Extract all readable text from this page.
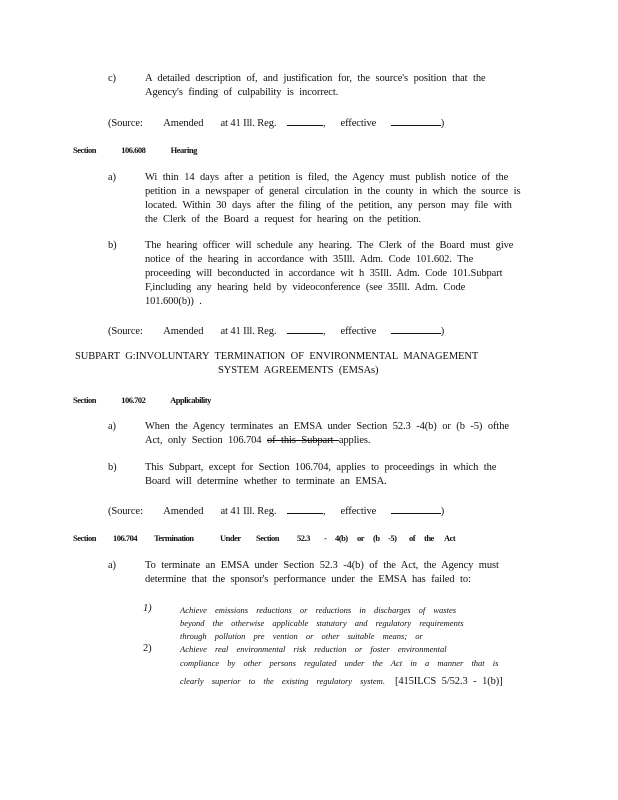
c)	A detailed description of, and justification for, the source's position that the
Agency's finding of culpability is incorrect.
(Source: Amended at 41 Ill. Reg.	,  effective	)
Section	106.608	Hearing
a)	Wi thin 14 days after a petition is filed, the Agency must publish notice of the
petition in a newspaper of general circulation in the county in which the source is
located. Within 30 days after the filing of the petition, any person may file with
the Clerk of the Board a request for hearing on the petition.
b)	The hearing officer will schedule any hearing. The Clerk of the Board must give
notice of the hearing in accordance with 35Ill. Adm. Code 101.602. The
proceeding will beconducted in accordance wit h 35Ill. Adm. Code 101.Subpart
F,including any hearing held by videoconference (see 35Ill. Adm. Code
101.600(b)) .
(Source: Amended at 41 Ill. Reg.	,  effective	)
SUBPART G:INVOLUNTARY TERMINATION OF ENVIRONMENTAL MANAGEMENT
SYSTEM AGREEMENTS (EMSAs)
Section	106.702	Applicability
a)	When the Agency terminates an EMSA under Section 52.3 -4(b) or (b -5) ofthe
Act, only Section 106.704 of this Subpart applies.
b)	This Subpart, except for Section 106.704, applies to proceedings in which the
Board will determine whether to terminate an EMSA.
(Source: Amended at 41 Ill. Reg.	,  effective	)
Section 106.704 Termination	Under Section 52.3 - 4(b) or (b -5) of the Act
a)	To terminate an EMSA under Section 52.3 -4(b) of the Act, the Agency must
determine that the sponsor's performance under the EMSA has failed to:
1)	Achieve emissions reductions or reductions in discharges of wastes
beyond the otherwise applicable statutory and regulatory requirements
through pollution pre vention or other suitable means; or
2)	Achieve real environmental risk reduction or foster environmental
compliance by other persons regulated under the Act in a manner that is
clearly superior to the existing regulatory system. [415ILCS 5/52.3 - 1(b)]
